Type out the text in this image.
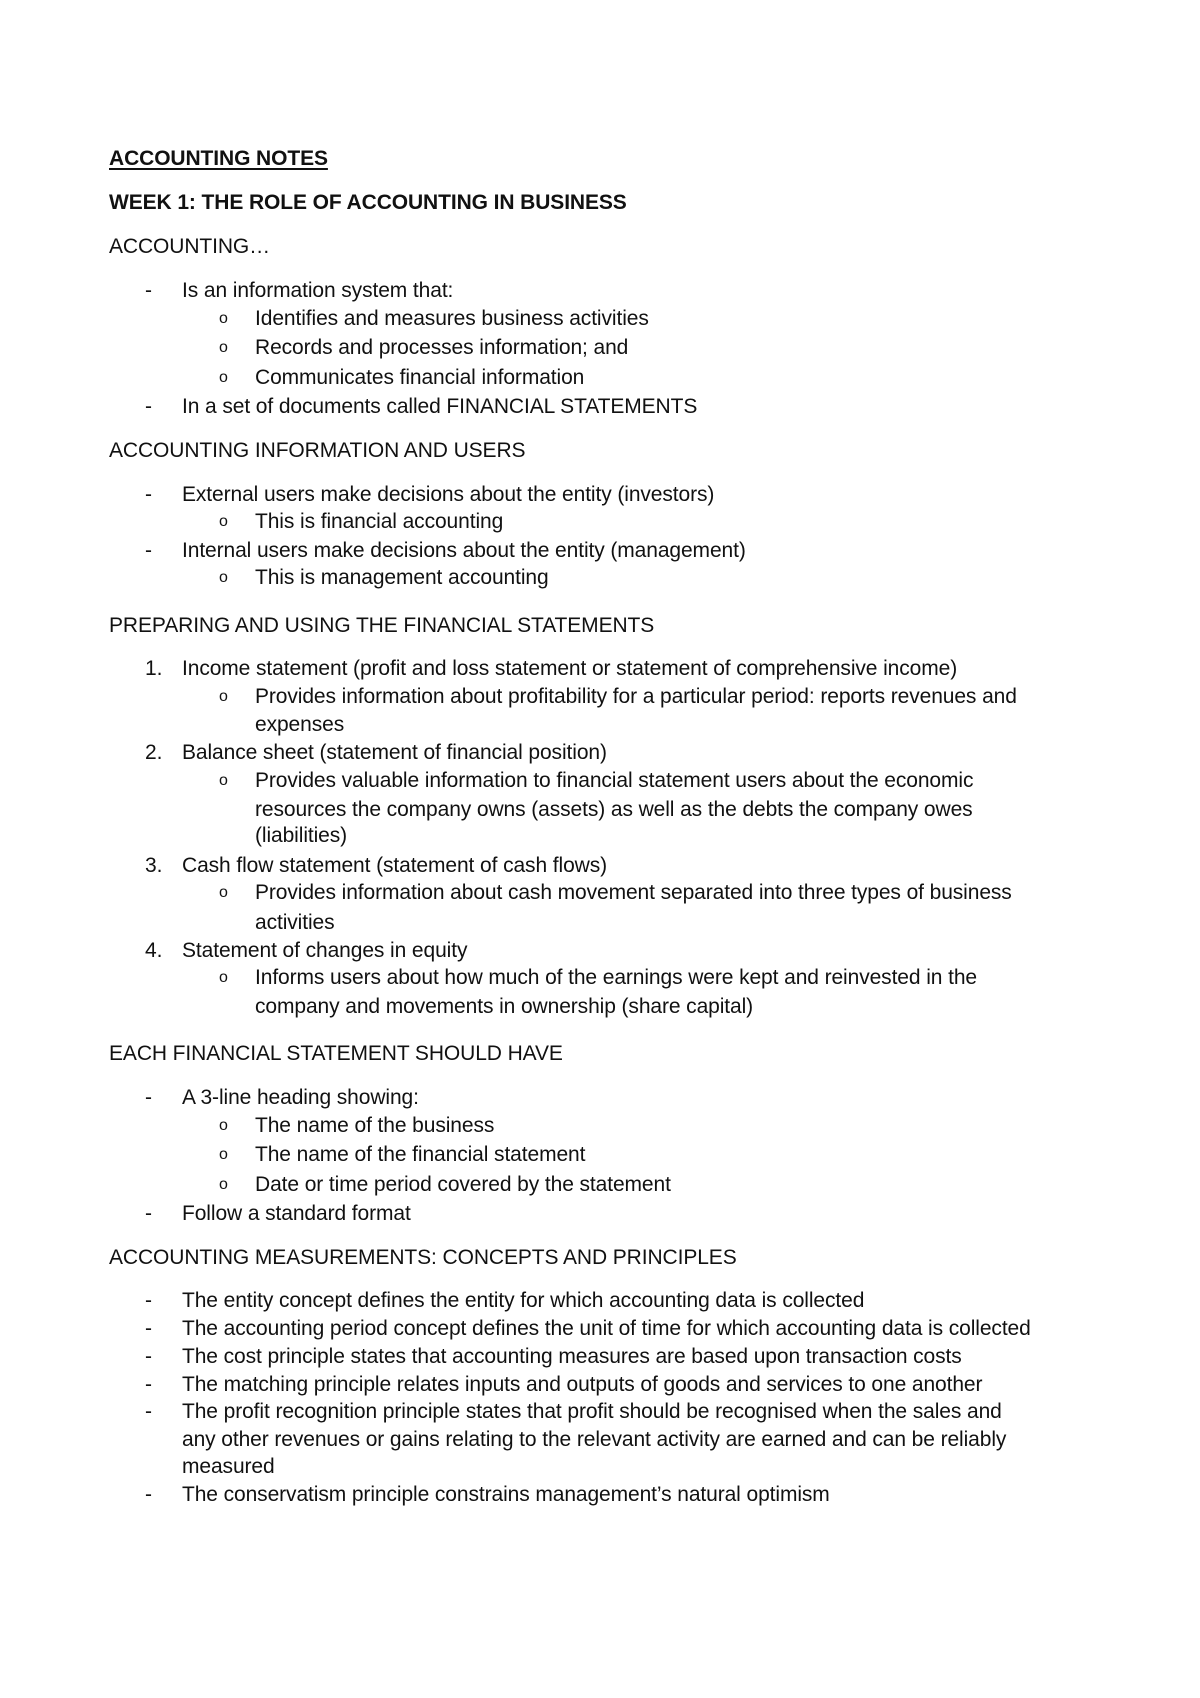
ACCOUNTING NOTES
WEEK 1: THE ROLE OF ACCOUNTING IN BUSINESS
ACCOUNTING…
- Is an information system that:
o Identifies and measures business activities
o Records and processes information; and
o Communicates financial information
- In a set of documents called FINANCIAL STATEMENTS
ACCOUNTING INFORMATION AND USERS
- External users make decisions about the entity (investors)
o This is financial accounting
- Internal users make decisions about the entity (management)
o This is management accounting
PREPARING AND USING THE FINANCIAL STATEMENTS
1. Income statement (profit and loss statement or statement of comprehensive income)
o Provides information about profitability for a particular period: reports revenues and
expenses
2. Balance sheet (statement of financial position)
o Provides valuable information to financial statement users about the economic
resources the company owns (assets) as well as the debts the company owes
(liabilities)
3. Cash flow statement (statement of cash flows)
o Provides information about cash movement separated into three types of business
activities
4. Statement of changes in equity
o Informs users about how much of the earnings were kept and reinvested in the
company and movements in ownership (share capital)
EACH FINANCIAL STATEMENT SHOULD HAVE
- A 3-line heading showing:
o The name of the business
o The name of the financial statement
o Date or time period covered by the statement
- Follow a standard format
ACCOUNTING MEASUREMENTS: CONCEPTS AND PRINCIPLES
- The entity concept defines the entity for which accounting data is collected
- The accounting period concept defines the unit of time for which accounting data is collected
- The cost principle states that accounting measures are based upon transaction costs
- The matching principle relates inputs and outputs of goods and services to one another
- The profit recognition principle states that profit should be recognised when the sales and
any other revenues or gains relating to the relevant activity are earned and can be reliably
measured
- The conservatism principle constrains management’s natural optimism
